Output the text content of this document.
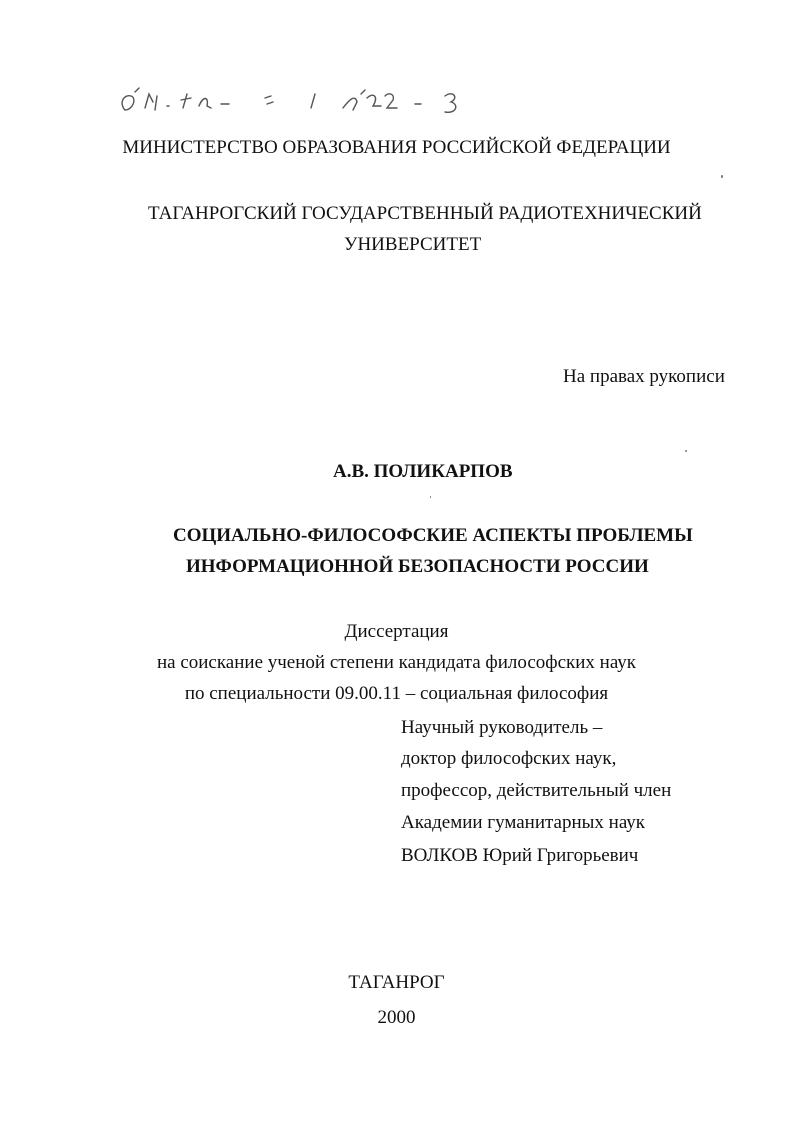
МИНИСТЕРСТВО ОБРАЗОВАНИЯ РОССИЙСКОЙ ФЕДЕРАЦИИ
ТАГАНРОГСКИЙ ГОСУДАРСТВЕННЫЙ РАДИОТЕХНИЧЕСКИЙ
УНИВЕРСИТЕТ
На правах рукописи
А.В. ПОЛИКАРПОВ
СОЦИАЛЬНО-ФИЛОСОФСКИЕ АСПЕКТЫ ПРОБЛЕМЫ
ИНФОРМАЦИОННОЙ БЕЗОПАСНОСТИ РОССИИ
Диссертация
на соискание ученой степени кандидата философских наук
по специальности 09.00.11 – социальная философия
Научный руководитель –
доктор философских наук,
профессор, действительный член
Академии гуманитарных наук
ВОЛКОВ Юрий Григорьевич
ТАГАНРОГ
2000
